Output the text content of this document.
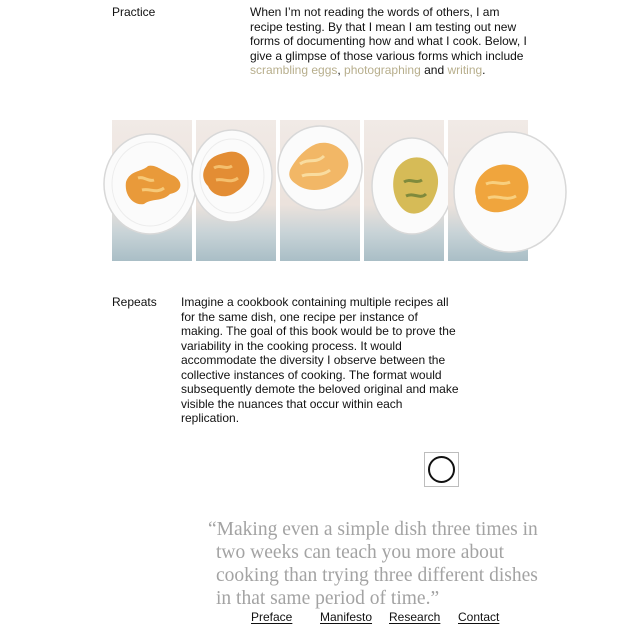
Practice	When I’m not reading the words of others, I am recipe testing. By that I mean I am testing out new forms of documenting how and what I cook. Below, I give a glimpse of those various forms which include scrambling eggs, photographing and writing.
Repeats Imagine a cookbook containing multiple recipes all for the same dish, one recipe per instance of making. The goal of this book would be to prove the variability in the cooking process. It would accommodate the diversity I observe between the collective instances of cooking. The format would subsequently demote the beloved original and make visible the nuances that occur within each replication.
“Making even a simple dish three times in two weeks can teach you more about cooking than trying three different dishes in that same period of time.”
Preface Manifesto Research Contact
